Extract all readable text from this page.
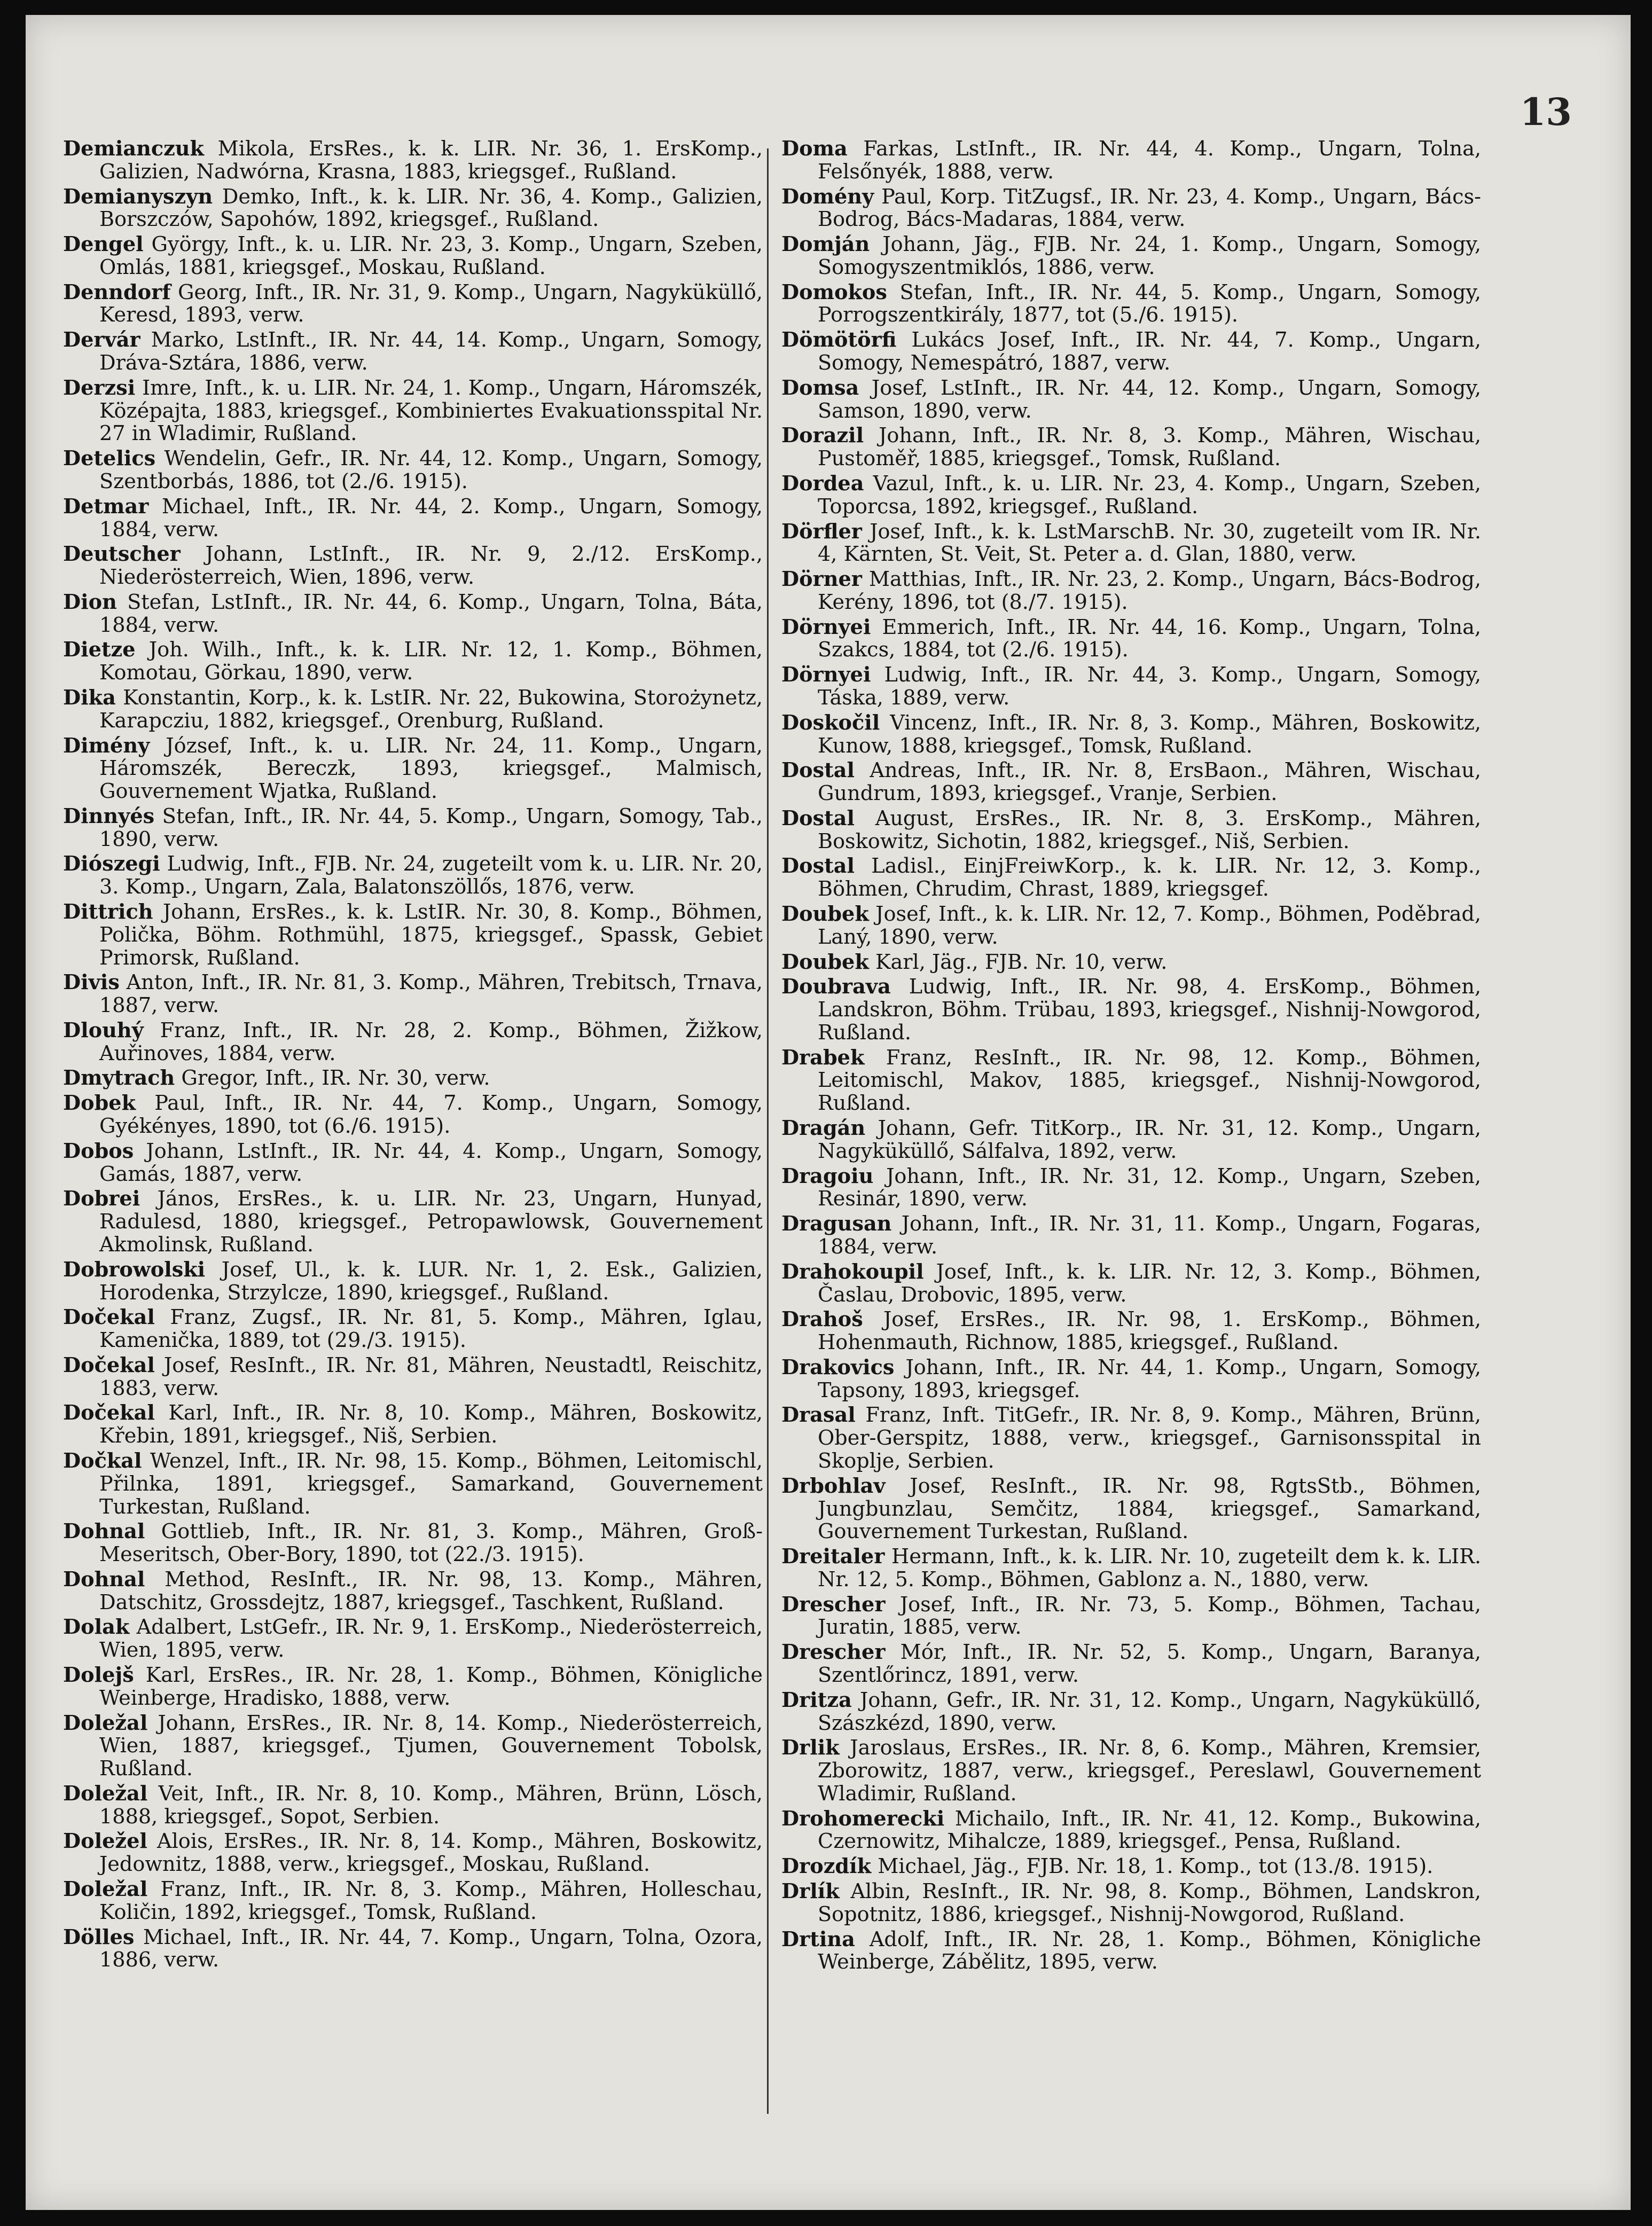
13

Demianczuk Mikola, ErsRes., k. k. LIR. Nr. 36, 1. ErsKomp., Galizien, Nadwórna, Krasna, 1883, kriegsgef., Rußland.

Demianyszyn Demko, Inft., k. k. LIR. Nr. 36, 4. Komp., Galizien, Borszczów, Sapohów, 1892, kriegsgef., Rußland.

Dengel György, Inft., k. u. LIR. Nr. 23, 3. Komp., Ungarn, Szeben, Omlás, 1881, kriegsgef., Moskau, Rußland.

Denndorf Georg, Inft., IR. Nr. 31, 9. Komp., Ungarn, Nagyküküllő, Keresd, 1893, verw.

Dervár Marko, LstInft., IR. Nr. 44, 14. Komp., Ungarn, Somogy, Dráva-Sztára, 1886, verw.

Derzsi Imre, Inft., k. u. LIR. Nr. 24, 1. Komp., Ungarn, Háromszék, Középajta, 1883, kriegsgef., Kombiniertes Evakuationsspital Nr. 27 in Wladimir, Rußland.

Detelics Wendelin, Gefr., IR. Nr. 44, 12. Komp., Ungarn, Somogy, Szentborbás, 1886, tot (2./6. 1915).

Detmar Michael, Inft., IR. Nr. 44, 2. Komp., Ungarn, Somogy, 1884, verw.

Deutscher Johann, LstInft., IR. Nr. 9, 2./12. ErsKomp., Niederösterreich, Wien, 1896, verw.

Dion Stefan, LstInft., IR. Nr. 44, 6. Komp., Ungarn, Tolna, Báta, 1884, verw.

Dietze Joh. Wilh., Inft., k. k. LIR. Nr. 12, 1. Komp., Böhmen, Komotau, Görkau, 1890, verw.

Dika Konstantin, Korp., k. k. LstIR. Nr. 22, Bukowina, Storożynetz, Karapcziu, 1882, kriegsgef., Orenburg, Rußland.

Dimény József, Inft., k. u. LIR. Nr. 24, 11. Komp., Ungarn, Háromszék, Bereczk, 1893, kriegsgef., Malmisch, Gouvernement Wjatka, Rußland.

Dinnyés Stefan, Inft., IR. Nr. 44, 5. Komp., Ungarn, Somogy, Tab., 1890, verw.

Diószegi Ludwig, Inft., FJB. Nr. 24, zugeteilt vom k. u. LIR. Nr. 20, 3. Komp., Ungarn, Zala, Balatonszöllős, 1876, verw.

Dittrich Johann, ErsRes., k. k. LstIR. Nr. 30, 8. Komp., Böhmen, Polička, Böhm. Rothmühl, 1875, kriegsgef., Spassk, Gebiet Primorsk, Rußland.

Divis Anton, Inft., IR. Nr. 81, 3. Komp., Mähren, Trebitsch, Trnava, 1887, verw.

Dlouhý Franz, Inft., IR. Nr. 28, 2. Komp., Böhmen, Žižkow, Auřinoves, 1884, verw.

Dmytrach Gregor, Inft., IR. Nr. 30, verw.

Dobek Paul, Inft., IR. Nr. 44, 7. Komp., Ungarn, Somogy, Gyékényes, 1890, tot (6./6. 1915).

Dobos Johann, LstInft., IR. Nr. 44, 4. Komp., Ungarn, Somogy, Gamás, 1887, verw.

Dobrei János, ErsRes., k. u. LIR. Nr. 23, Ungarn, Hunyad, Radulesd, 1880, kriegsgef., Petropawlowsk, Gouvernement Akmolinsk, Rußland.

Dobrowolski Josef, Ul., k. k. LUR. Nr. 1, 2. Esk., Galizien, Horodenka, Strzylcze, 1890, kriegsgef., Rußland.

Dočekal Franz, Zugsf., IR. Nr. 81, 5. Komp., Mähren, Iglau, Kamenička, 1889, tot (29./3. 1915).

Dočekal Josef, ResInft., IR. Nr. 81, Mähren, Neustadtl, Reischitz, 1883, verw.

Dočekal Karl, Inft., IR. Nr. 8, 10. Komp., Mähren, Boskowitz, Křebin, 1891, kriegsgef., Niš, Serbien.

Dočkal Wenzel, Inft., IR. Nr. 98, 15. Komp., Böhmen, Leitomischl, Přilnka, 1891, kriegsgef., Samarkand, Gouvernement Turkestan, Rußland.

Dohnal Gottlieb, Inft., IR. Nr. 81, 3. Komp., Mähren, Groß-Meseritsch, Ober-Bory, 1890, tot (22./3. 1915).

Dohnal Method, ResInft., IR. Nr. 98, 13. Komp., Mähren, Datschitz, Grossdejtz, 1887, kriegsgef., Taschkent, Rußland.

Dolak Adalbert, LstGefr., IR. Nr. 9, 1. ErsKomp., Niederösterreich, Wien, 1895, verw.

Dolejš Karl, ErsRes., IR. Nr. 28, 1. Komp., Böhmen, Königliche Weinberge, Hradisko, 1888, verw.

Doležal Johann, ErsRes., IR. Nr. 8, 14. Komp., Niederösterreich, Wien, 1887, kriegsgef., Tjumen, Gouvernement Tobolsk, Rußland.

Doležal Veit, Inft., IR. Nr. 8, 10. Komp., Mähren, Brünn, Lösch, 1888, kriegsgef., Sopot, Serbien.

Doležel Alois, ErsRes., IR. Nr. 8, 14. Komp., Mähren, Boskowitz, Jedownitz, 1888, verw., kriegsgef., Moskau, Rußland.

Doležal Franz, Inft., IR. Nr. 8, 3. Komp., Mähren, Holleschau, Količin, 1892, kriegsgef., Tomsk, Rußland.

Dölles Michael, Inft., IR. Nr. 44, 7. Komp., Ungarn, Tolna, Ozora, 1886, verw.

Doma Farkas, LstInft., IR. Nr. 44, 4. Komp., Ungarn, Tolna, Felsőnyék, 1888, verw.

Domény Paul, Korp. TitZugsf., IR. Nr. 23, 4. Komp., Ungarn, Bács-Bodrog, Bács-Madaras, 1884, verw.

Domján Johann, Jäg., FJB. Nr. 24, 1. Komp., Ungarn, Somogy, Somogyszentmiklós, 1886, verw.

Domokos Stefan, Inft., IR. Nr. 44, 5. Komp., Ungarn, Somogy, Porrogszentkirály, 1877, tot (5./6. 1915).

Dömötörfi Lukács Josef, Inft., IR. Nr. 44, 7. Komp., Ungarn, Somogy, Nemespátró, 1887, verw.

Domsa Josef, LstInft., IR. Nr. 44, 12. Komp., Ungarn, Somogy, Samson, 1890, verw.

Dorazil Johann, Inft., IR. Nr. 8, 3. Komp., Mähren, Wischau, Pustoměř, 1885, kriegsgef., Tomsk, Rußland.

Dordea Vazul, Inft., k. u. LIR. Nr. 23, 4. Komp., Ungarn, Szeben, Toporcsa, 1892, kriegsgef., Rußland.

Dörfler Josef, Inft., k. k. LstMarschB. Nr. 30, zugeteilt vom IR. Nr. 4, Kärnten, St. Veit, St. Peter a. d. Glan, 1880, verw.

Dörner Matthias, Inft., IR. Nr. 23, 2. Komp., Ungarn, Bács-Bodrog, Kerény, 1896, tot (8./7. 1915).

Dörnyei Emmerich, Inft., IR. Nr. 44, 16. Komp., Ungarn, Tolna, Szakcs, 1884, tot (2./6. 1915).

Dörnyei Ludwig, Inft., IR. Nr. 44, 3. Komp., Ungarn, Somogy, Táska, 1889, verw.

Doskočil Vincenz, Inft., IR. Nr. 8, 3. Komp., Mähren, Boskowitz, Kunow, 1888, kriegsgef., Tomsk, Rußland.

Dostal Andreas, Inft., IR. Nr. 8, ErsBaon., Mähren, Wischau, Gundrum, 1893, kriegsgef., Vranje, Serbien.

Dostal August, ErsRes., IR. Nr. 8, 3. ErsKomp., Mähren, Boskowitz, Sichotin, 1882, kriegsgef., Niš, Serbien.

Dostal Ladisl., EinjFreiwKorp., k. k. LIR. Nr. 12, 3. Komp., Böhmen, Chrudim, Chrast, 1889, kriegsgef.

Doubek Josef, Inft., k. k. LIR. Nr. 12, 7. Komp., Böhmen, Poděbrad, Laný, 1890, verw.

Doubek Karl, Jäg., FJB. Nr. 10, verw.

Doubrava Ludwig, Inft., IR. Nr. 98, 4. ErsKomp., Böhmen, Landskron, Böhm. Trübau, 1893, kriegsgef., Nishnij-Nowgorod, Rußland.

Drabek Franz, ResInft., IR. Nr. 98, 12. Komp., Böhmen, Leitomischl, Makov, 1885, kriegsgef., Nishnij-Nowgorod, Rußland.

Dragán Johann, Gefr. TitKorp., IR. Nr. 31, 12. Komp., Ungarn, Nagyküküllő, Sálfalva, 1892, verw.

Dragoiu Johann, Inft., IR. Nr. 31, 12. Komp., Ungarn, Szeben, Resinár, 1890, verw.

Dragusan Johann, Inft., IR. Nr. 31, 11. Komp., Ungarn, Fogaras, 1884, verw.

Drahokoupil Josef, Inft., k. k. LIR. Nr. 12, 3. Komp., Böhmen, Časlau, Drobovic, 1895, verw.

Drahoš Josef, ErsRes., IR. Nr. 98, 1. ErsKomp., Böhmen, Hohenmauth, Richnow, 1885, kriegsgef., Rußland.

Drakovics Johann, Inft., IR. Nr. 44, 1. Komp., Ungarn, Somogy, Tapsony, 1893, kriegsgef.

Drasal Franz, Inft. TitGefr., IR. Nr. 8, 9. Komp., Mähren, Brünn, Ober-Gerspitz, 1888, verw., kriegsgef., Garnisonsspital in Skoplje, Serbien.

Drbohlav Josef, ResInft., IR. Nr. 98, RgtsStb., Böhmen, Jungbunzlau, Semčitz, 1884, kriegsgef., Samarkand, Gouvernement Turkestan, Rußland.

Dreitaler Hermann, Inft., k. k. LIR. Nr. 10, zugeteilt dem k. k. LIR. Nr. 12, 5. Komp., Böhmen, Gablonz a. N., 1880, verw.

Drescher Josef, Inft., IR. Nr. 73, 5. Komp., Böhmen, Tachau, Juratin, 1885, verw.

Drescher Mór, Inft., IR. Nr. 52, 5. Komp., Ungarn, Baranya, Szentlőrincz, 1891, verw.

Dritza Johann, Gefr., IR. Nr. 31, 12. Komp., Ungarn, Nagyküküllő, Szászkézd, 1890, verw.

Drlik Jaroslaus, ErsRes., IR. Nr. 8, 6. Komp., Mähren, Kremsier, Zborowitz, 1887, verw., kriegsgef., Pereslawl, Gouvernement Wladimir, Rußland.

Drohomerecki Michailo, Inft., IR. Nr. 41, 12. Komp., Bukowina, Czernowitz, Mihalcze, 1889, kriegsgef., Pensa, Rußland.

Drozdík Michael, Jäg., FJB. Nr. 18, 1. Komp., tot (13./8. 1915).

Drlík Albin, ResInft., IR. Nr. 98, 8. Komp., Böhmen, Landskron, Sopotnitz, 1886, kriegsgef., Nishnij-Nowgorod, Rußland.

Drtina Adolf, Inft., IR. Nr. 28, 1. Komp., Böhmen, Königliche Weinberge, Zábělitz, 1895, verw.
